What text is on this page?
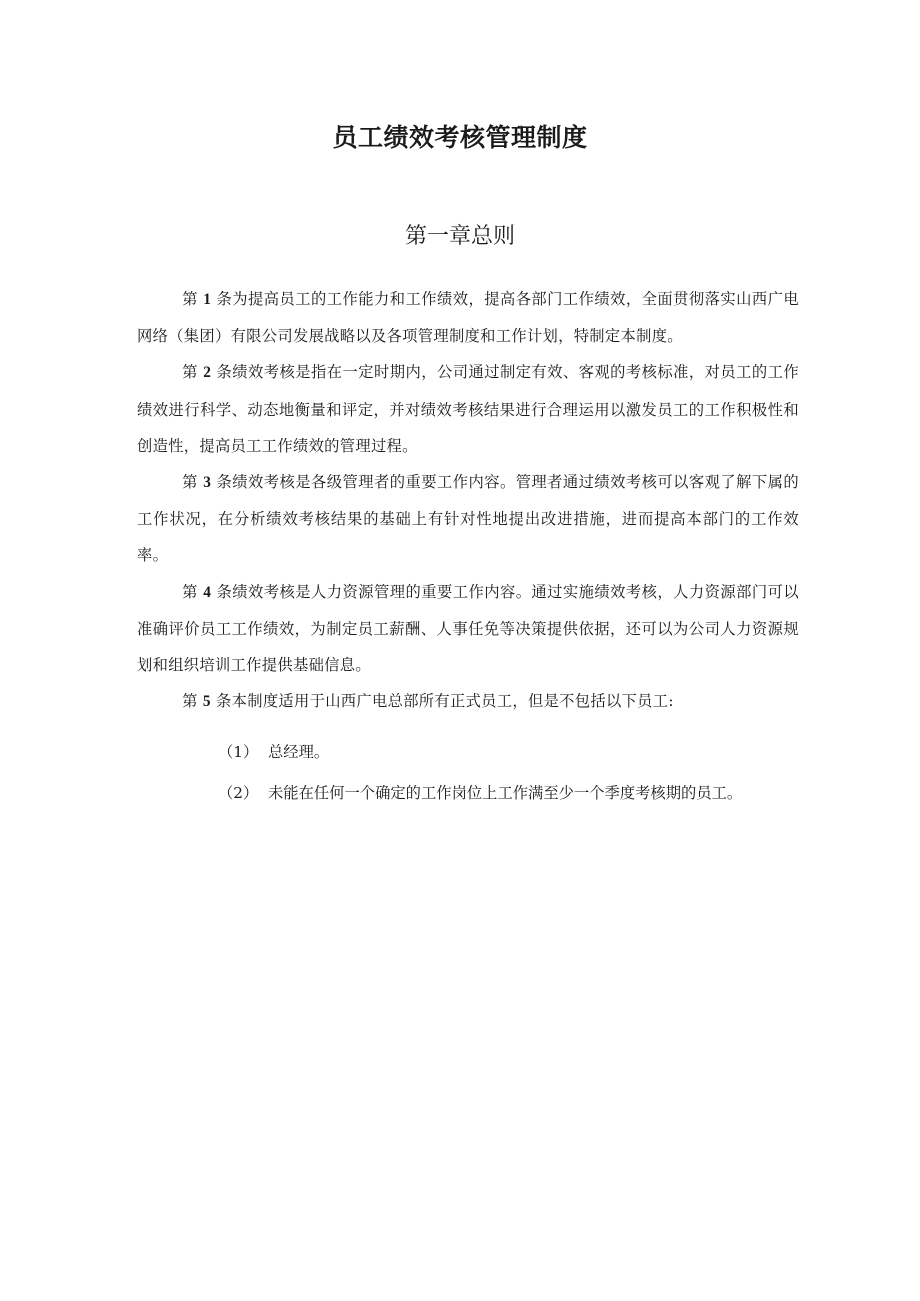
员工绩效考核管理制度
第一章总则

第 1 条为提高员工的工作能力和工作绩效，提高各部门工作绩效，全面贯彻落实山西广电网络（集团）有限公司发展战略以及各项管理制度和工作计划，特制定本制度。

第 2 条绩效考核是指在一定时期内，公司通过制定有效、客观的考核标准，对员工的工作绩效进行科学、动态地衡量和评定，并对绩效考核结果进行合理运用以激发员工的工作积极性和创造性，提高员工工作绩效的管理过程。

第 3 条绩效考核是各级管理者的重要工作内容。管理者通过绩效考核可以客观了解下属的工作状况，在分析绩效考核结果的基础上有针对性地提出改进措施，进而提高本部门的工作效率。

第 4 条绩效考核是人力资源管理的重要工作内容。通过实施绩效考核，人力资源部门可以准确评价员工工作绩效，为制定员工薪酬、人事任免等决策提供依据，还可以为公司人力资源规划和组织培训工作提供基础信息。

第 5 条本制度适用于山西广电总部所有正式员工，但是不包括以下员工:

（1） 总经理。
（2） 未能在任何一个确定的工作岗位上工作满至少一个季度考核期的员工。
